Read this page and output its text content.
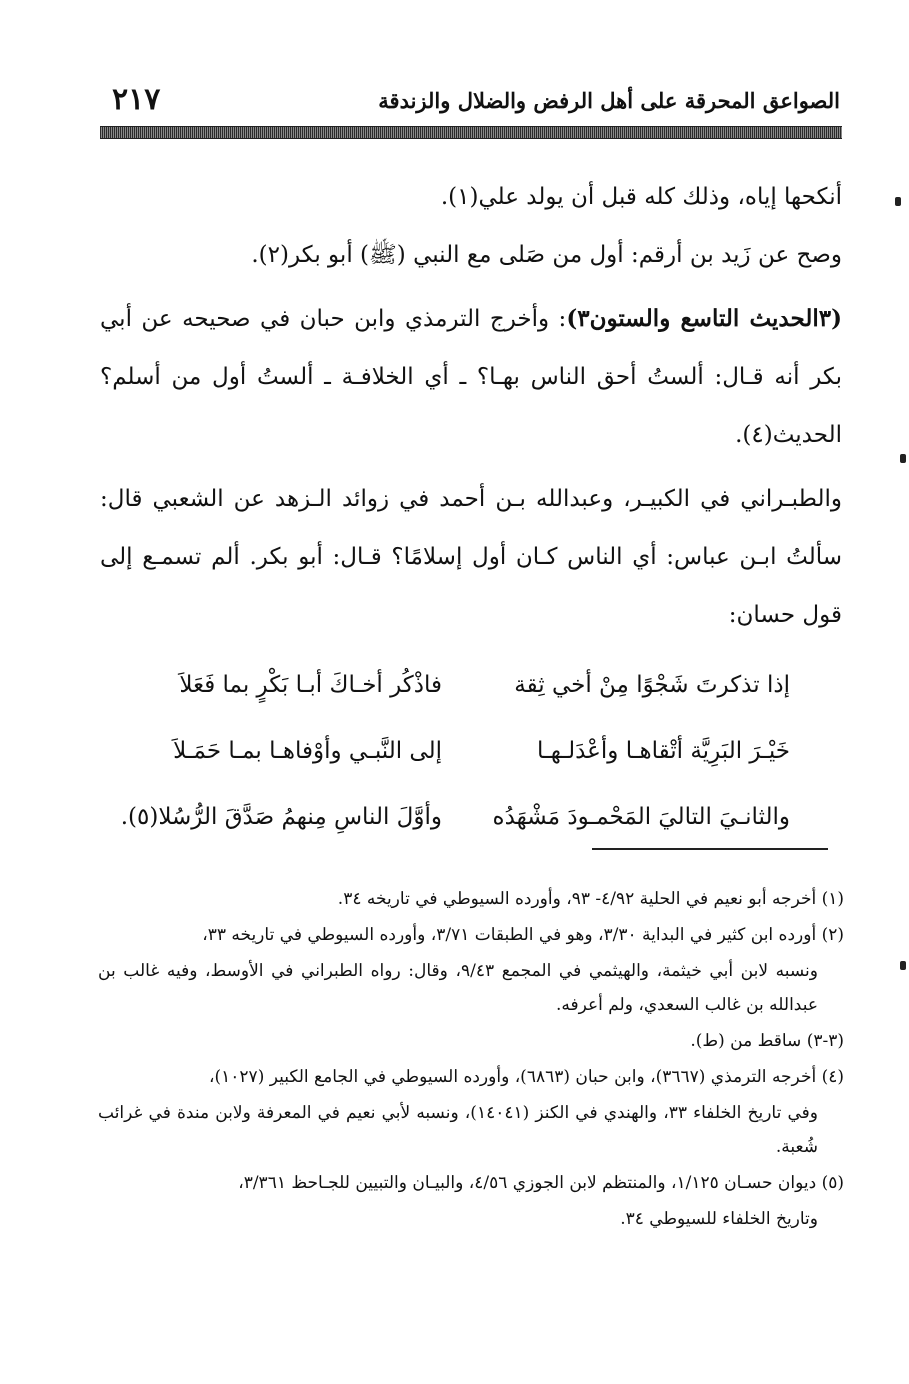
الصواعق المحرقة على أهل الرفض والضلال والزندقة
٢١٧

أنكحها إياه، وذلك كله قبل أن يولد علي(١).

وصح عن زَيد بن أرقم: أول من صَلى مع النبي (ﷺ) أبو بكر(٢).

(٣الحديث التاسع والستون٣): وأخرج الترمذي وابن حبان في صحيحه عن أبي بكر أنه قـال: ألستُ أحق الناس بهـا؟ ـ أي الخلافـة ـ ألستُ أول من أسلم؟ الحديث(٤).

والطبـراني في الكبيـر، وعبدالله بـن أحمد في زوائد الـزهد عن الشعبي قال: سألتُ ابـن عباس: أي الناس كـان أول إسلامًا؟ قـال: أبو بكر. ألم تسمـع إلى قول حسان:

إذا تذكرتَ شَجْوًا مِنْ أخي ثِقة
فاذْكُر أخـاكَ أبـا بَكْرٍ بما فَعَلاَ
خَيْـرَ البَرِيَّة أتْقاهـا وأعْدَلـهـا
إلى النَّبـي وأوْفاهـا بمـا حَمَـلاَ
والثانـيَ التاليَ المَحْمـودَ مَشْهَدُه
وأوَّلَ الناسِ مِنهمُ صَدَّقَ الرُّسُلا(٥).

(١) أخرجه أبو نعيم في الحلية ٤/٩٢- ٩٣، وأورده السيوطي في تاريخه ٣٤.

(٢) أورده ابن كثير في البداية ٣/٣٠، وهو في الطبقات ٣/٧١، وأورده السيوطي في تاريخه ٣٣،

ونسبه لابن أبي خيثمة، والهيثمي في المجمع ٩/٤٣، وقال: رواه الطبراني في الأوسط، وفيه غالب بن عبدالله بن غالب السعدي، ولم أعرفه.

(٣-٣) ساقط من (ط).

(٤) أخرجه الترمذي (٣٦٦٧)، وابن حبان (٦٨٦٣)، وأورده السيوطي في الجامع الكبير (١٠٢٧)،

وفي تاريخ الخلفاء ٣٣، والهندي في الكنز (١٤٠٤١)، ونسبه لأبي نعيم في المعرفة ولابن مندة في غرائب شُعبة.

(٥) ديوان حسـان ١/١٢٥، والمنتظم لابن الجوزي ٤/٥٦، والبيـان والتبيين للجـاحظ ٣/٣٦١،

وتاريخ الخلفاء للسيوطي ٣٤.
